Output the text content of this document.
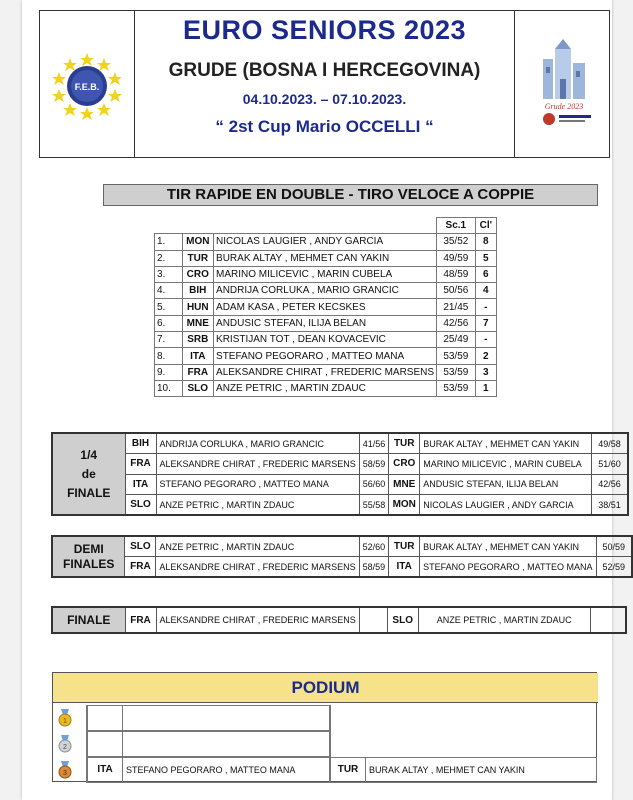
F.E.B.
EURO SENIORS 2023
GRUDE (BOSNA I HERCEGOVINA)
04.10.2023. – 07.10.2023.
“ 2st Cup Mario OCCELLI “
Grude 2023
TIR RAPIDE EN DOUBLE - TIRO VELOCE A COPPIE
			Sc.1	Cl'
1.	MON	NICOLAS LAUGIER , ANDY GARCIA	35/52	8
2.	TUR	BURAK ALTAY , MEHMET CAN YAKIN	49/59	5
3.	CRO	MARINO MILICEVIC , MARIN CUBELA	48/59	6
4.	BIH	ANDRIJA CORLUKA , MARIO GRANCIC	50/56	4
5.	HUN	ADAM KASA , PETER KECSKES	21/45	-
6.	MNE	ANDUSIC STEFAN, ILIJA BELAN	42/56	7
7.	SRB	KRISTIJAN TOT , DEAN KOVACEVIC	25/49	-
8.	ITA	STEFANO PEGORARO , MATTEO MANA	53/59	2
9.	FRA	ALEKSANDRE CHIRAT , FREDERIC MARSENS	53/59	3
10.	SLO	ANZE PETRIC , MARTIN ZDAUC	53/59	1
1/4
de
FINALE	BIH	ANDRIJA CORLUKA , MARIO GRANCIC	41/56	TUR	BURAK ALTAY , MEHMET CAN YAKIN	49/58
	FRA	ALEKSANDRE CHIRAT , FREDERIC MARSENS	58/59	CRO	MARINO MILICEVIC , MARIN CUBELA	51/60
	ITA	STEFANO PEGORARO , MATTEO MANA	56/60	MNE	ANDUSIC STEFAN, ILIJA BELAN	42/56
	SLO	ANZE PETRIC , MARTIN ZDAUC	55/58	MON	NICOLAS LAUGIER , ANDY GARCIA	38/51
DEMI
FINALES	SLO	ANZE PETRIC , MARTIN ZDAUC	52/60	TUR	BURAK ALTAY , MEHMET CAN YAKIN	50/59
	FRA	ALEKSANDRE CHIRAT , FREDERIC MARSENS	58/59	ITA	STEFANO PEGORARO , MATTEO MANA	52/59
FINALE	FRA	ALEKSANDRE CHIRAT , FREDERIC MARSENS		SLO	ANZE PETRIC , MARTIN ZDAUC	
PODIUM
1
2
3	ITA	STEFANO PEGORARO , MATTEO MANA	TUR	BURAK ALTAY , MEHMET CAN YAKIN
